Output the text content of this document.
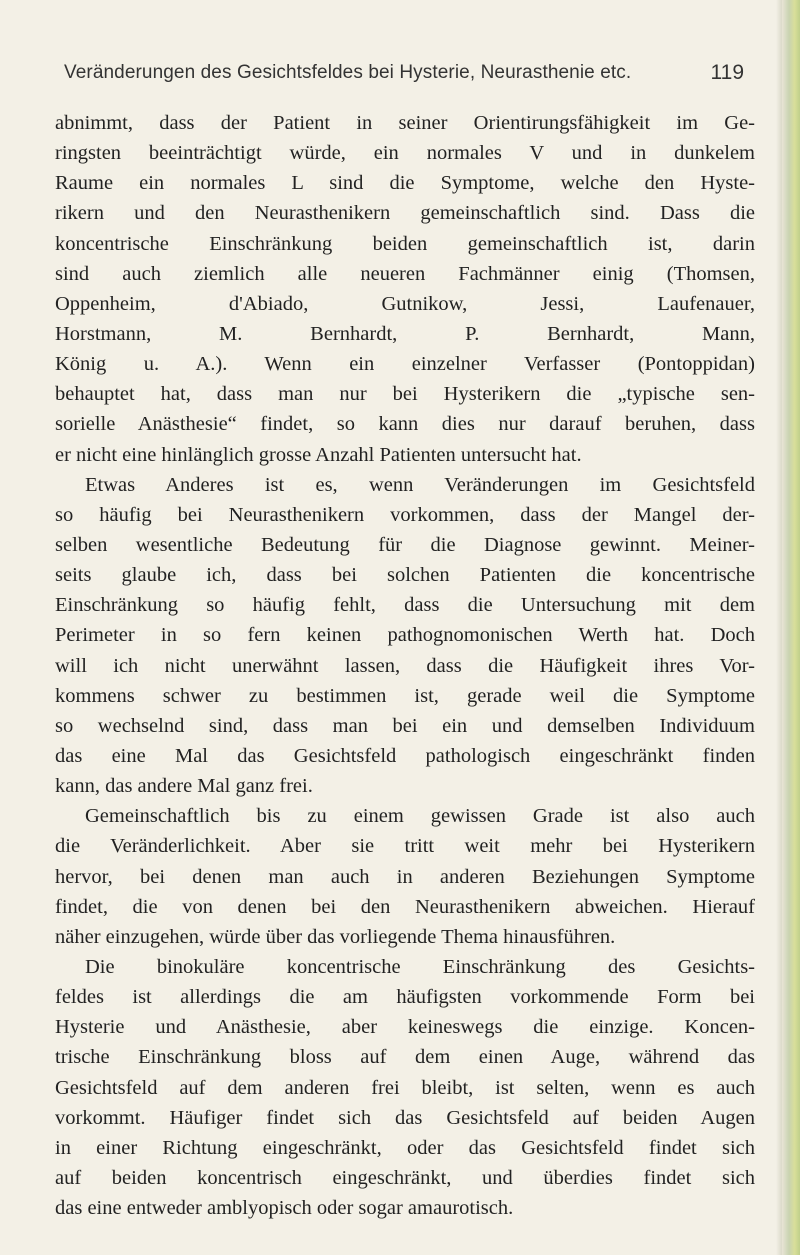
Veränderungen des Gesichtsfeldes bei Hysterie, Neurasthenie etc.	119
abnimmt, dass der Patient in seiner Orientirungsfähigkeit im Ge-
ringsten beeinträchtigt würde, ein normales V und in dunkelem
Raume ein normales L sind die Symptome, welche den Hyste-
rikern und den Neurasthenikern gemeinschaftlich sind. Dass die
koncentrische Einschränkung beiden gemeinschaftlich ist, darin
sind auch ziemlich alle neueren Fachmänner einig (Thomsen,
Oppenheim, d'Abiado, Gutnikow, Jessi, Laufenauer,
Horstmann, M. Bernhardt, P. Bernhardt, Mann,
König u. A.). Wenn ein einzelner Verfasser (Pontoppidan)
behauptet hat, dass man nur bei Hysterikern die „typische sen-
sorielle Anästhesie“ findet, so kann dies nur darauf beruhen, dass
er nicht eine hinlänglich grosse Anzahl Patienten untersucht hat.
Etwas Anderes ist es, wenn Veränderungen im Gesichtsfeld
so häufig bei Neurasthenikern vorkommen, dass der Mangel der-
selben wesentliche Bedeutung für die Diagnose gewinnt. Meiner-
seits glaube ich, dass bei solchen Patienten die koncentrische
Einschränkung so häufig fehlt, dass die Untersuchung mit dem
Perimeter in so fern keinen pathognomonischen Werth hat. Doch
will ich nicht unerwähnt lassen, dass die Häufigkeit ihres Vor-
kommens schwer zu bestimmen ist, gerade weil die Symptome
so wechselnd sind, dass man bei ein und demselben Individuum
das eine Mal das Gesichtsfeld pathologisch eingeschränkt finden
kann, das andere Mal ganz frei.
Gemeinschaftlich bis zu einem gewissen Grade ist also auch
die Veränderlichkeit. Aber sie tritt weit mehr bei Hysterikern
hervor, bei denen man auch in anderen Beziehungen Symptome
findet, die von denen bei den Neurasthenikern abweichen. Hierauf
näher einzugehen, würde über das vorliegende Thema hinausführen.
Die binokuläre koncentrische Einschränkung des Gesichts-
feldes ist allerdings die am häufigsten vorkommende Form bei
Hysterie und Anästhesie, aber keineswegs die einzige. Koncen-
trische Einschränkung bloss auf dem einen Auge, während das
Gesichtsfeld auf dem anderen frei bleibt, ist selten, wenn es auch
vorkommt. Häufiger findet sich das Gesichtsfeld auf beiden Augen
in einer Richtung eingeschränkt, oder das Gesichtsfeld findet sich
auf beiden koncentrisch eingeschränkt, und überdies findet sich
das eine entweder amblyopisch oder sogar amaurotisch.
